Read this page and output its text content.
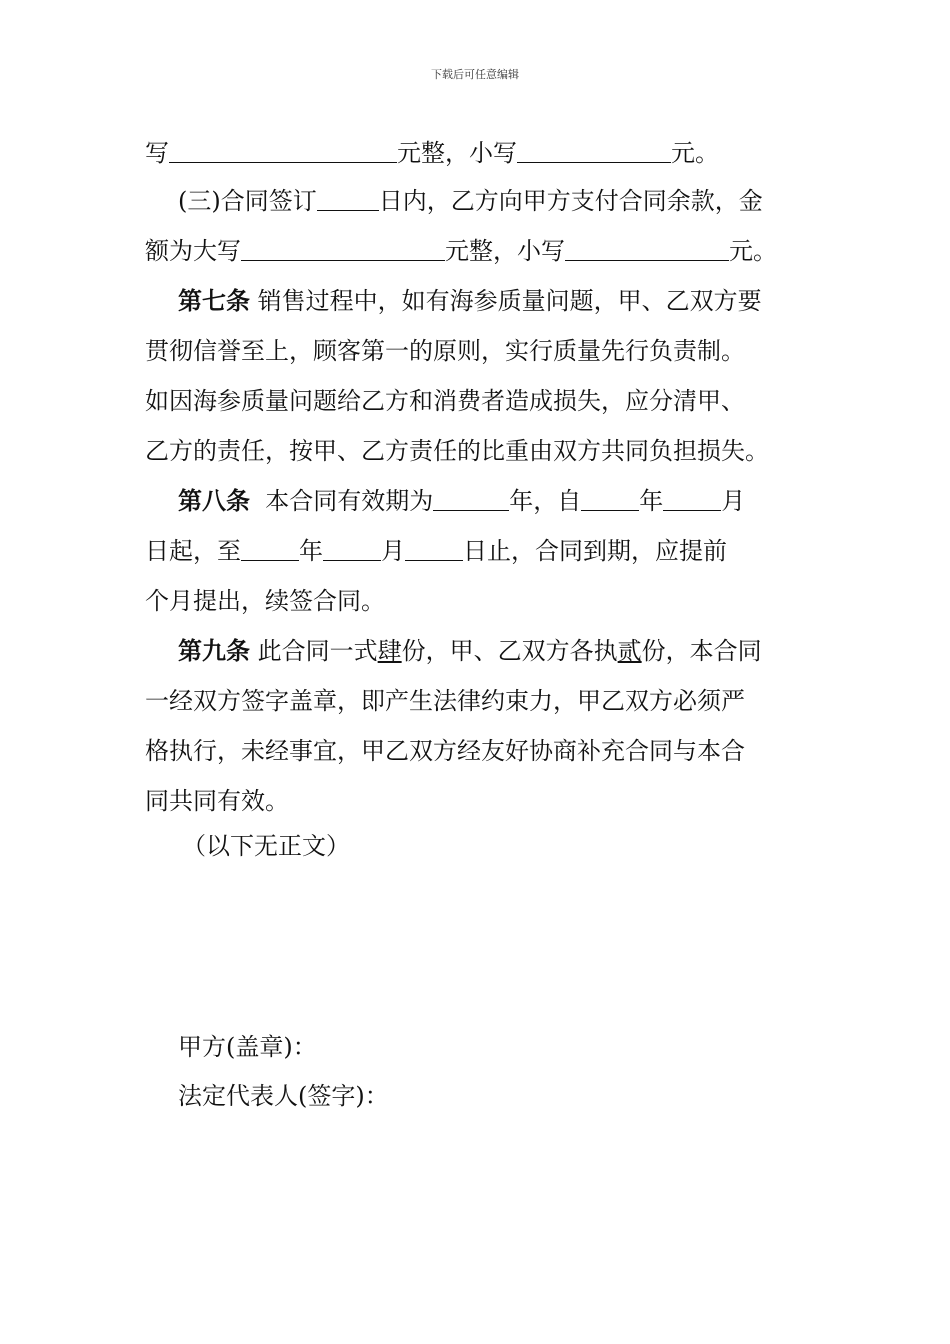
下载后可任意编辑
写	元整，小写	元。
(三)合同签订	日内，乙方向甲方支付合同余款，金
额为大写	元整，小写	元。
第七条 销售过程中，如有海参质量问题，甲、乙双方要
贯彻信誉至上，顾客第一的原则，实行质量先行负责制。
如因海参质量问题给乙方和消费者造成损失，应分清甲、
乙方的责任，按甲、乙方责任的比重由双方共同负担损失。
第八条 本合同有效期为	年，自 年 月
日起，至 年 月 日止，合同到期，应提前
个月提出，续签合同。
第九条 此合同一式肆份，甲、乙双方各执贰份，本合同
一经双方签字盖章，即产生法律约束力，甲乙双方必须严
格执行，未经事宜，甲乙双方经友好协商补充合同与本合
同共同有效。
（以下无正文）
甲方(盖章)：
法定代表人(签字)：
